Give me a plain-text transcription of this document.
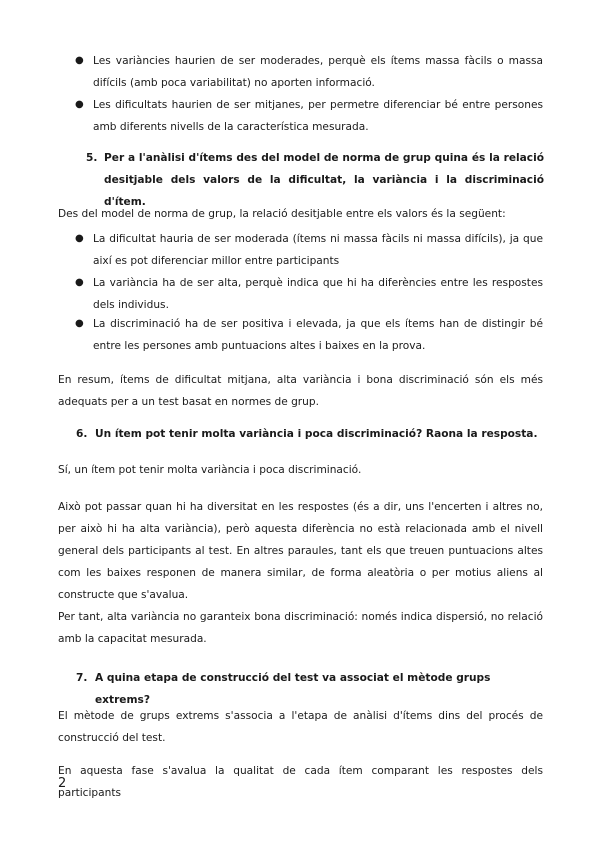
● Les variàncies haurien de ser moderades, perquè els ítems massa fàcils o massa difícils (amb poca variabilitat) no aporten informació.
● Les dificultats haurien de ser mitjanes, per permetre diferenciar bé entre persones amb diferents nivells de la característica mesurada.
5. Per a l'anàlisi d'ítems des del model de norma de grup quina és la relació desitjable dels valors de la dificultat, la variància i la discriminació d'ítem.
Des del model de norma de grup, la relació desitjable entre els valors és la següent:
● La dificultat hauria de ser moderada (ítems ni massa fàcils ni massa difícils), ja que així es pot diferenciar millor entre participants
● La variància ha de ser alta, perquè indica que hi ha diferències entre les respostes dels individus.
● La discriminació ha de ser positiva i elevada, ja que els ítems han de distingir bé entre les persones amb puntuacions altes i baixes en la prova.
En resum, ítems de dificultat mitjana, alta variància i bona discriminació són els més adequats per a un test basat en normes de grup.
6. Un ítem pot tenir molta variància i poca discriminació? Raona la resposta.
Sí, un ítem pot tenir molta variància i poca discriminació.
Això pot passar quan hi ha diversitat en les respostes (és a dir, uns l'encerten i altres no, per això hi ha alta variància), però aquesta diferència no està relacionada amb el nivell general dels participants al test. En altres paraules, tant els que treuen puntuacions altes com les baixes responen de manera similar, de forma aleatòria o per motius aliens al constructe que s'avalua.
Per tant, alta variància no garanteix bona discriminació: només indica dispersió, no relació amb la capacitat mesurada.
7. A quina etapa de construcció del test va associat el mètode grups extrems?
El mètode de grups extrems s'associa a l'etapa de anàlisi d'ítems dins del procés de construcció del test.
En aquesta fase s'avalua la qualitat de cada ítem comparant les respostes dels participants
2
